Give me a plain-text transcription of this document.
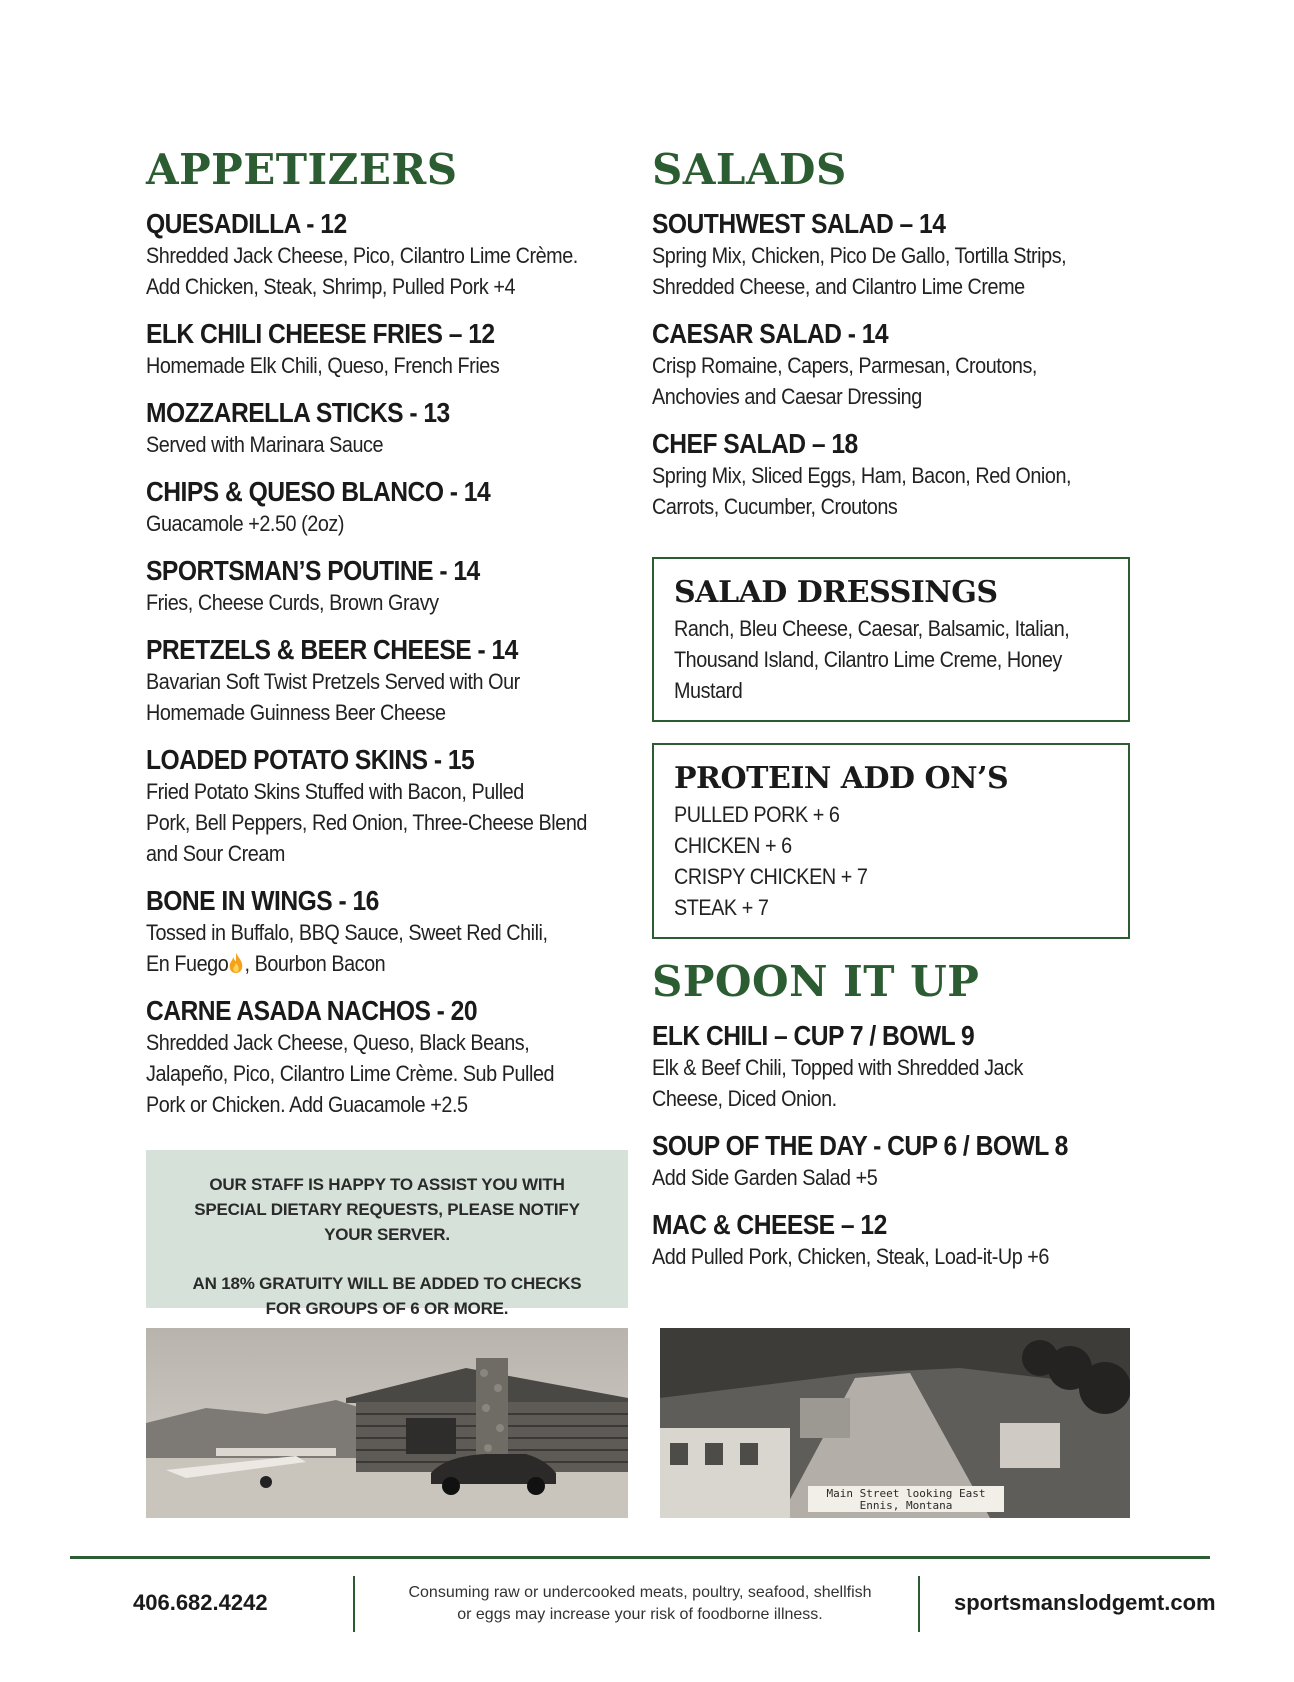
APPETIZERS
QUESADILLA - 12
Shredded Jack Cheese, Pico, Cilantro Lime Crème.
Add Chicken, Steak, Shrimp, Pulled Pork +4
ELK CHILI CHEESE FRIES – 12
Homemade Elk Chili, Queso, French Fries
MOZZARELLA STICKS - 13
Served with Marinara Sauce
CHIPS & QUESO BLANCO - 14
Guacamole +2.50 (2oz)
SPORTSMAN’S POUTINE - 14
Fries, Cheese Curds, Brown Gravy
PRETZELS & BEER CHEESE - 14
Bavarian Soft Twist Pretzels Served with Our
Homemade Guinness Beer Cheese
LOADED POTATO SKINS - 15
Fried Potato Skins Stuffed with Bacon, Pulled
Pork, Bell Peppers, Red Onion, Three-Cheese Blend
and Sour Cream
BONE IN WINGS - 16
Tossed in Buffalo, BBQ Sauce, Sweet Red Chili,
En Fuego , Bourbon Bacon
CARNE ASADA NACHOS - 20
Shredded Jack Cheese, Queso, Black Beans,
Jalapeño, Pico, Cilantro Lime Crème. Sub Pulled
Pork or Chicken. Add Guacamole +2.5
SALADS
SOUTHWEST SALAD – 14
Spring Mix, Chicken, Pico De Gallo, Tortilla Strips,
Shredded Cheese, and Cilantro Lime Creme
CAESAR SALAD - 14
Crisp Romaine, Capers, Parmesan, Croutons,
Anchovies and Caesar Dressing
CHEF SALAD – 18
Spring Mix, Sliced Eggs, Ham, Bacon, Red Onion,
Carrots, Cucumber, Croutons
SALAD DRESSINGS
Ranch, Bleu Cheese, Caesar, Balsamic, Italian,
Thousand Island, Cilantro Lime Creme, Honey
Mustard
PROTEIN ADD ON’S
PULLED PORK + 6
CHICKEN + 6
CRISPY CHICKEN + 7
STEAK + 7
SPOON IT UP
ELK CHILI – CUP 7 / BOWL 9
Elk & Beef Chili, Topped with Shredded Jack
Cheese, Diced Onion.
SOUP OF THE DAY - CUP 6 / BOWL 8
Add Side Garden Salad +5
MAC & CHEESE – 12
Add Pulled Pork, Chicken, Steak, Load-it-Up +6

OUR STAFF IS HAPPY TO ASSIST YOU WITH SPECIAL DIETARY REQUESTS, PLEASE NOTIFY YOUR SERVER.

AN 18% GRATUITY WILL BE ADDED TO CHECKS FOR GROUPS OF 6 OR MORE.

Main Street looking East
Ennis, Montana
406.682.4242	Consuming raw or undercooked meats, poultry, seafood, shellfish
or eggs may increase your risk of foodborne illness.	sportsmanslodgemt.com
